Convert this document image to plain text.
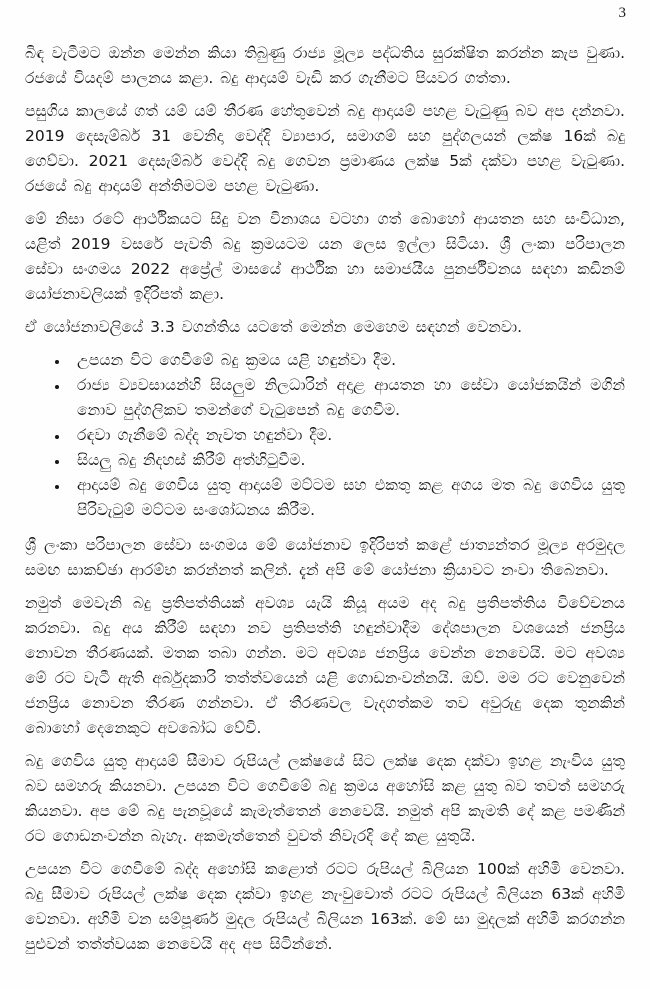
3

බිඳ වැටීමට ඔන්න මෙන්න කියා තිබුණු රාජ්‍ය මූල්‍ය පද්ධතිය සුරක්ෂිත කරන්න කැප වුණා. රජයේ වියදම් පාලනය කළා. බදු ආදායම් වැඩි කර ගැනීමට පියවර ගත්තා.

පසුගිය කාලයේ ගත් යම් යම් තීරණ හේතුවෙන් බදු ආදායම් පහළ වැටුණු බව අප දන්නවා. 2019 දෙසැම්බර් 31 වෙනිදා වෙද්දි ව්‍යාපාර, සමාගම් සහ පුද්ගලයන් ලක්ෂ 16ක් බදු ගෙව්වා. 2021 දෙසැම්බර් වෙද්දි බදු ගෙවන ප්‍රමාණය ලක්ෂ 5ක් දක්වා පහළ වැටුණා. රජයේ බදු ආදායම් අන්තිමටම පහළ වැටුණා.

මේ නිසා රටේ ආර්ථිකයට සිදු වන විනාශය වටහා ගත් බොහෝ ආයතන සහ සංවිධාන, යළිත් 2019 වසරේ පැවති බදු ක්‍රමයටම යන ලෙස ඉල්ලා සිටියා. ශ්‍රී ලංකා පරිපාලන සේවා සංගමය 2022 අප්‍රේල් මාසයේ ආර්ථික හා සමාජයීය පුනර්ජීවනය සඳහා කඩිනම් යෝජනාවලියක් ඉදිරිපත් කළා.

ඒ යෝජනාවලියේ 3.3 වගන්තිය යටතේ මෙන්න මෙහෙම සඳහන් වෙනවා.

• උපයන විට ගෙවීමේ බදු ක්‍රමය යළි හඳුන්වා දීම.
• රාජ්‍ය ව්‍යවසායන්හි සියලුම නිලධාරින් අදාළ ආයතන හා සේවා යෝජකයින් මගින් නොව පුද්ගලිකව තමන්ගේ වැටුපෙන් බදු ගෙවීම.
• රඳවා ගැනීමේ බද්ද නැවත හඳුන්වා දීම.
• සියලු බදු නිදහස් කිරීම් අත්හිටුවීම.
• ආදායම් බදු ගෙවිය යුතු ආදායම් මට්ටම සහ එකතු කළ අගය මත බදු ගෙවිය යුතු පිරිවැටුම් මට්ටම සංශෝධනය කිරීම.

ශ්‍රී ලංකා පරිපාලන සේවා සංගමය මේ යෝජනාව ඉදිරිපත් කළේ ජාත්‍යන්තර මූල්‍ය අරමුදල සමඟ සාකච්ඡා ආරම්භ කරන්නත් කලින්. දැන් අපි මේ යෝජනා ක්‍රියාවට නංවා තිබෙනවා.

නමුත් මෙවැනි බදු ප්‍රතිපත්තියක් අවශ්‍ය යැයි කියූ අයම අද බදු ප්‍රතිපත්තිය විවේචනය කරනවා. බදු අය කිරීම් සඳහා නව ප්‍රතිපත්ති හඳුන්වාදීම දේශපාලන වශයෙන් ජනප්‍රිය නොවන තීරණයක්. මතක තබා ගන්න. මට අවශ්‍ය ජනප්‍රිය වෙන්න නෙවෙයි. මට අවශ්‍ය මේ රට වැටී ඇති අර්බුදකාරි තත්ත්වයෙන් යළි ගොඩනංවන්නයි. ඔව්. මම රට වෙනුවෙන් ජනප්‍රිය නොවන තීරණ ගන්නවා. ඒ තීරණවල වැදගත්කම තව අවුරුදු දෙක තුනකින් බොහෝ දෙනෙකුට අවබෝධ වේවි.

බදු ගෙවිය යුතු ආදායම් සීමාව රුපියල් ලක්ෂයේ සිට ලක්ෂ දෙක දක්වා ඉහළ නැංවිය යුතු බව සමහරු කියනවා. උපයන විට ගෙවීමේ බදු ක්‍රමය අහෝසි කළ යුතු බව තවත් සමහරු කියනවා. අප මේ බදු පැනවූයේ කැමැත්තෙන් නෙවෙයි. නමුත් අපි කැමති දේ කළ පමණින් රට ගොඩනංවන්න බැහැ. අකමැත්තෙන් වුවත් නිවැරදි දේ කළ යුතුයි.

උපයන විට ගෙවීමේ බද්ද අහෝසි කළොත් රටට රුපියල් බිලියන 100ක් අහිමි වෙනවා. බදු සීමාව රුපියල් ලක්ෂ දෙක දක්වා ඉහළ නැංවුවොත් රටට රුපියල් බිලියන 63ක් අහිමි වෙනවා. අහිමි වන සම්පූර්ණ මුදල රුපියල් බිලියන 163ක්. මේ සා මුදලක් අහිමි කරගන්න පුළුවන් තත්ත්වයක නෙවෙයි අද අප සිටින්නේ.
